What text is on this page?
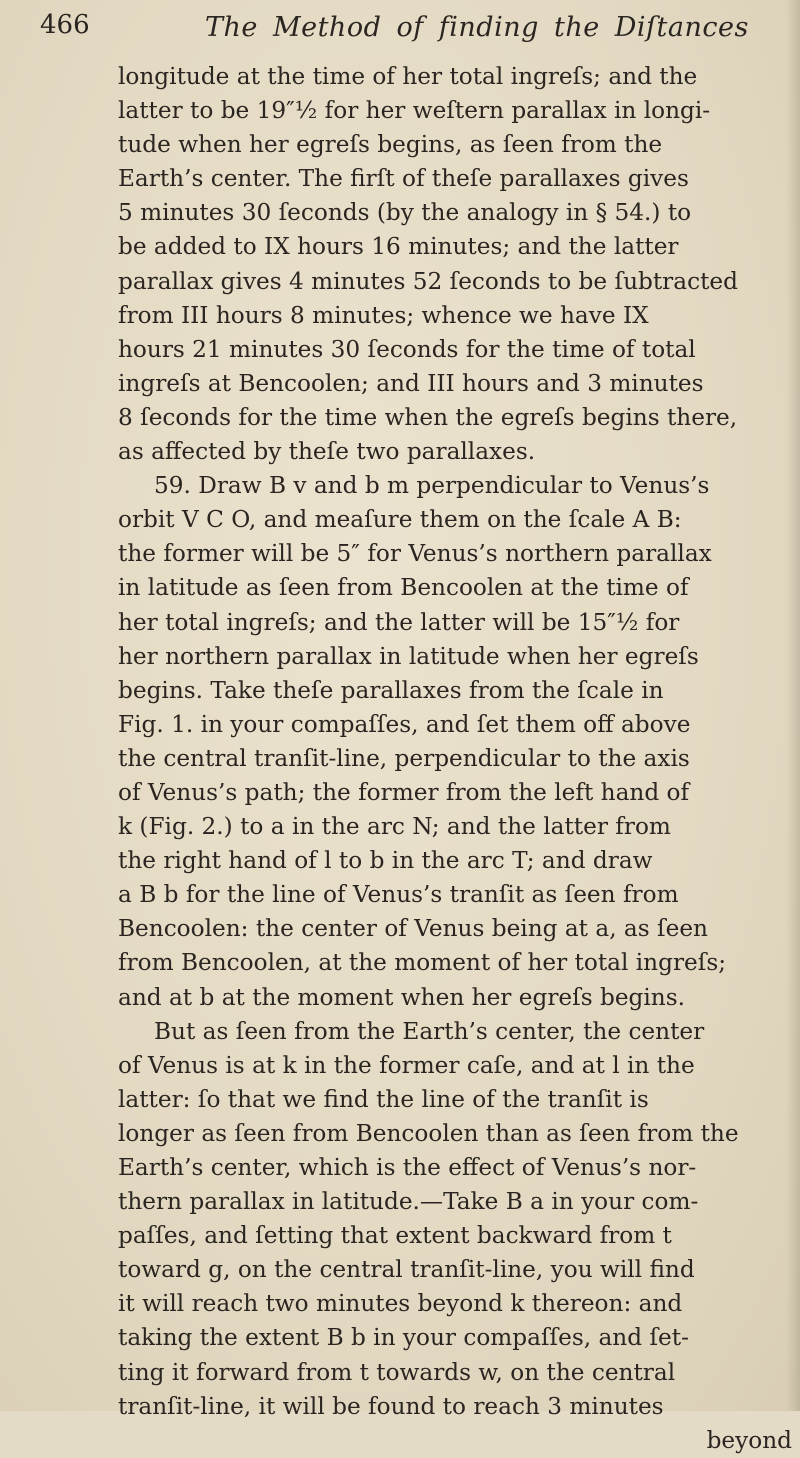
466	The Method of finding the Diſtances
longitude at the time of her total ingreſs; and the
latter to be 19″½ for her weſtern parallax in longi-
tude when her egreſs begins, as ſeen from the
Earth’s center. The firſt of theſe parallaxes gives
5 minutes 30 ſeconds (by the analogy in § 54.) to
be added to IX hours 16 minutes; and the latter
parallax gives 4 minutes 52 ſeconds to be ſubtracted
from III hours 8 minutes; whence we have IX
hours 21 minutes 30 ſeconds for the time of total
ingreſs at Bencoolen; and III hours and 3 minutes
8 ſeconds for the time when the egreſs begins there,
as affected by theſe two parallaxes.
59. Draw B v and b m perpendicular to Venus’s
orbit V C O, and meaſure them on the ſcale A B:
the former will be 5″ for Venus’s northern parallax
in latitude as ſeen from Bencoolen at the time of
her total ingreſs; and the latter will be 15″½ for
her northern parallax in latitude when her egreſs
begins. Take theſe parallaxes from the ſcale in
Fig. 1. in your compaſſes, and ſet them off above
the central tranſit-line, perpendicular to the axis
of Venus’s path; the former from the left hand of
k (Fig. 2.) to a in the arc N; and the latter from
the right hand of l to b in the arc T; and draw
a B b for the line of Venus’s tranſit as ſeen from
Bencoolen: the center of Venus being at a, as ſeen
from Bencoolen, at the moment of her total ingreſs;
and at b at the moment when her egreſs begins.
But as ſeen from the Earth’s center, the center
of Venus is at k in the former caſe, and at l in the
latter: ſo that we find the line of the tranſit is
longer as ſeen from Bencoolen than as ſeen from the
Earth’s center, which is the effect of Venus’s nor-
thern parallax in latitude.—Take B a in your com-
paſſes, and ſetting that extent backward from t
toward g, on the central tranſit-line, you will find
it will reach two minutes beyond k thereon: and
taking the extent B b in your compaſſes, and ſet-
ting it forward from t towards w, on the central
tranſit-line, it will be found to reach 3 minutes
beyond
